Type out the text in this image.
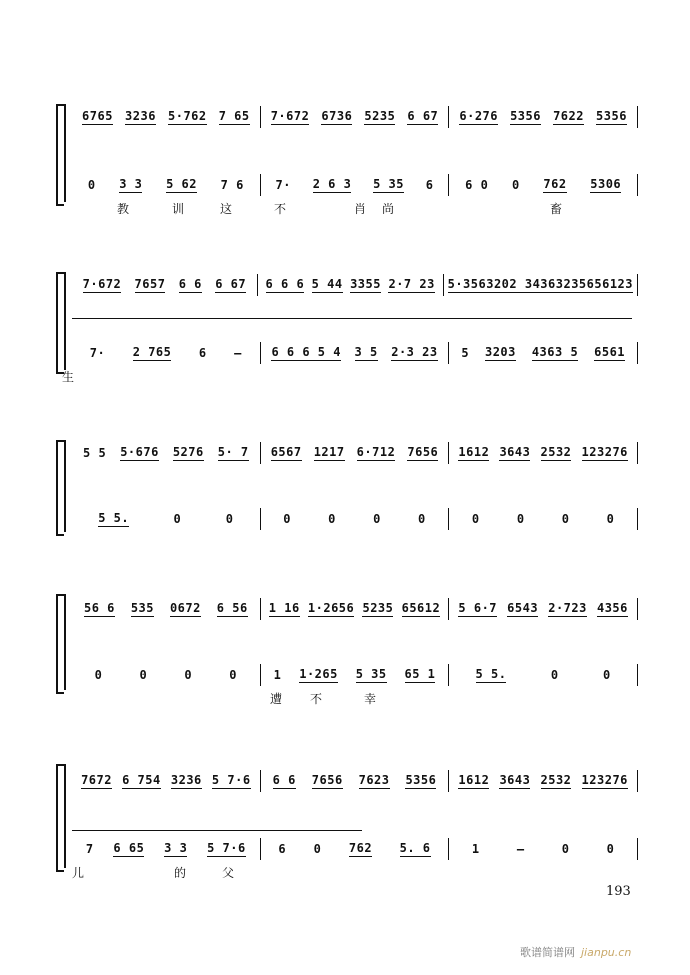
6765 3236 5·762 7 65 7·672 6736 5235 6 67 6·276 5356 7622 5356
0 3 3 5 62 7 6	7· 2 6 3 5 35 6	6 0 0 762 5306
教	训	这	不	肖 尚	畜
7·672 7657 6 6 6 67 6 6 6 5 44 3355 2·7 23 5·356 3202 3 4363235 656123
7· 2 765 6 – 6 6 6 5 4 3 5 2·3 23 5 3203 4363 5 6561
生
5 5 5·676 5276 5· 7 6567 1217 6·712 7656 1612 3643 2532 123276
5 5.	0	0	0	0	0	0	0	0	0	0
56 6 535 0672 6 56 1 16 1·2656 5235 65612 5 6·7 6543 2·723 4356
0	0	0	0	1 1·265 5 35 65 1	5 5.	0	0
遭 不	幸
7672 6 754 3236 5 7·6 6 6 7656 7623 5356 1612 3643 2532 123276
7 6 65 3 3 5 7·6	6 0 762 5. 6	1	–	0	0
儿	的	父
193
歌谱简谱网 jianpu.cn
